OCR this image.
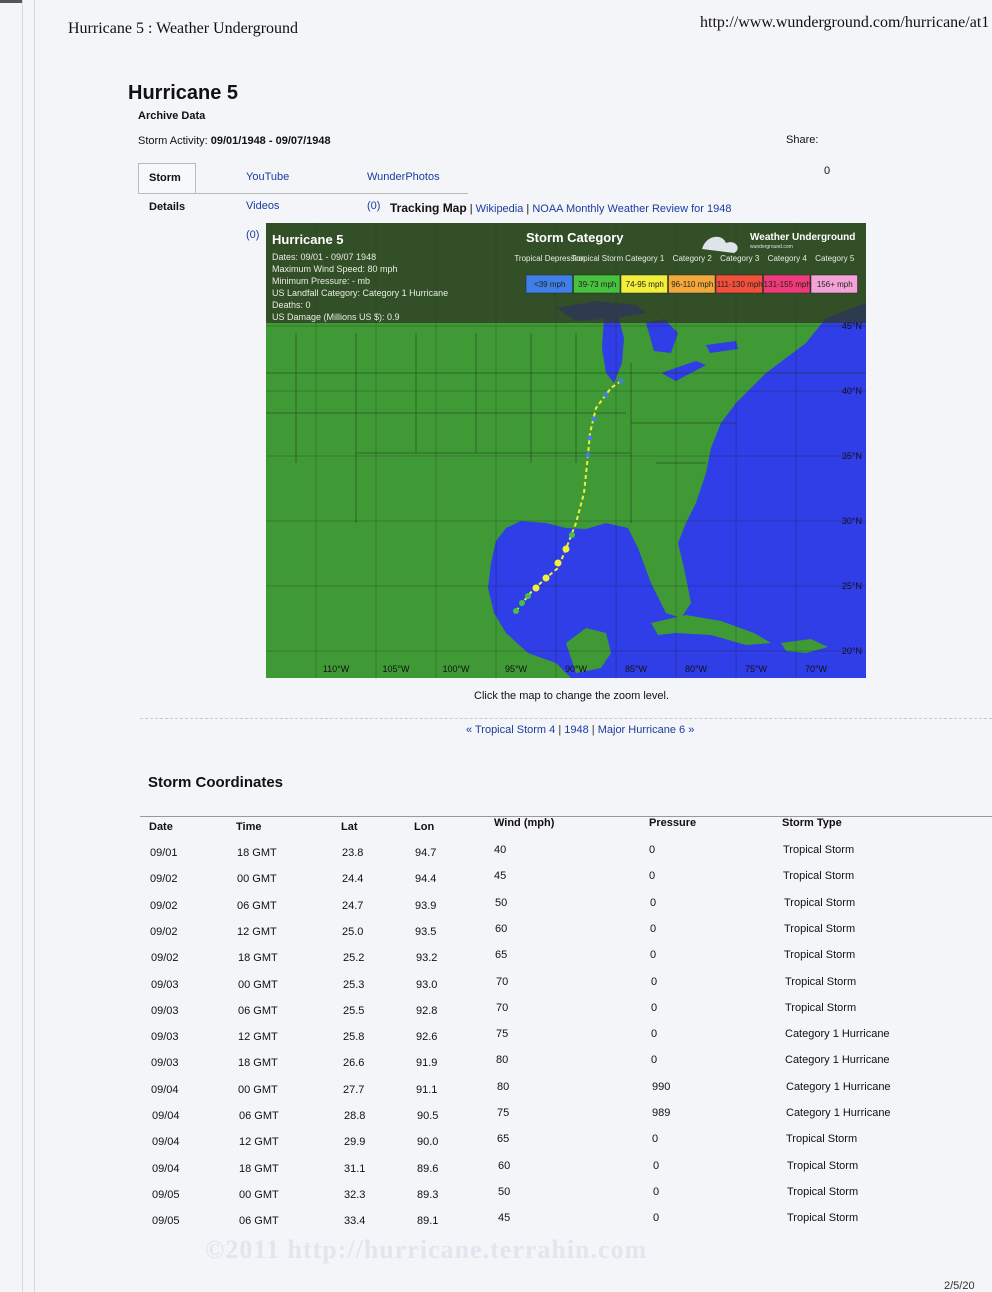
Hurricane 5 : Weather Underground	http://www.wunderground.com/hurricane/at1
Hurricane 5
Archive Data
Storm Activity: 09/01/1948 - 09/07/1948	Share:
0
Storm Details
YouTube Videos (0)
WunderPhotos (0) Tracking Map | Wikipedia | NOAA Monthly Weather Review for 1948
Hurricane 5
Dates: 09/01 - 09/07 1948
Maximum Wind Speed: 80 mph
Minimum Pressure: - mb
US Landfall Category: Category 1 Hurricane
Deaths: 0
US Damage (Millions US $): 0.9
Storm Category	Weather Underground
wunderground.com
Tropical Depression
<39 mph
Tropical Storm
39-73 mph
Category 1
74-95 mph
Category 2
96-110 mph
Category 3
111-130 mph
Category 4
131-155 mph
Category 5
156+ mph
45°N
40°N
35°N
30°N
25°N
20°N
110°W	105°W	100°W	95°W	90°W	85°W	80°W	75°W	70°W
Click the map to change the zoom level.
« Tropical Storm 4 | 1948 | Major Hurricane 6 »
Storm Coordinates
Date	Time	Lat	Lon	Wind (mph)	Pressure	Storm Type
09/01	18 GMT	23.8	94.7	40	0	Tropical Storm
09/02	00 GMT	24.4	94.4	45	0	Tropical Storm
09/02	06 GMT	24.7	93.9	50	0	Tropical Storm
09/02	12 GMT	25.0	93.5	60	0	Tropical Storm
09/02	18 GMT	25.2	93.2	65	0	Tropical Storm
09/03	00 GMT	25.3	93.0	70	0	Tropical Storm
09/03	06 GMT	25.5	92.8	70	0	Tropical Storm
09/03	12 GMT	25.8	92.6	75	0	Category 1 Hurricane
09/03	18 GMT	26.6	91.9	80	0	Category 1 Hurricane
09/04	00 GMT	27.7	91.1	80	990	Category 1 Hurricane
09/04	06 GMT	28.8	90.5	75	989	Category 1 Hurricane
09/04	12 GMT	29.9	90.0	65	0	Tropical Storm
09/04	18 GMT	31.1	89.6	60	0	Tropical Storm
09/05	00 GMT	32.3	89.3	50	0	Tropical Storm
09/05	06 GMT	33.4	89.1	45	0	Tropical Storm
©2011 http://hurricane.terrahin.com
2/5/20
